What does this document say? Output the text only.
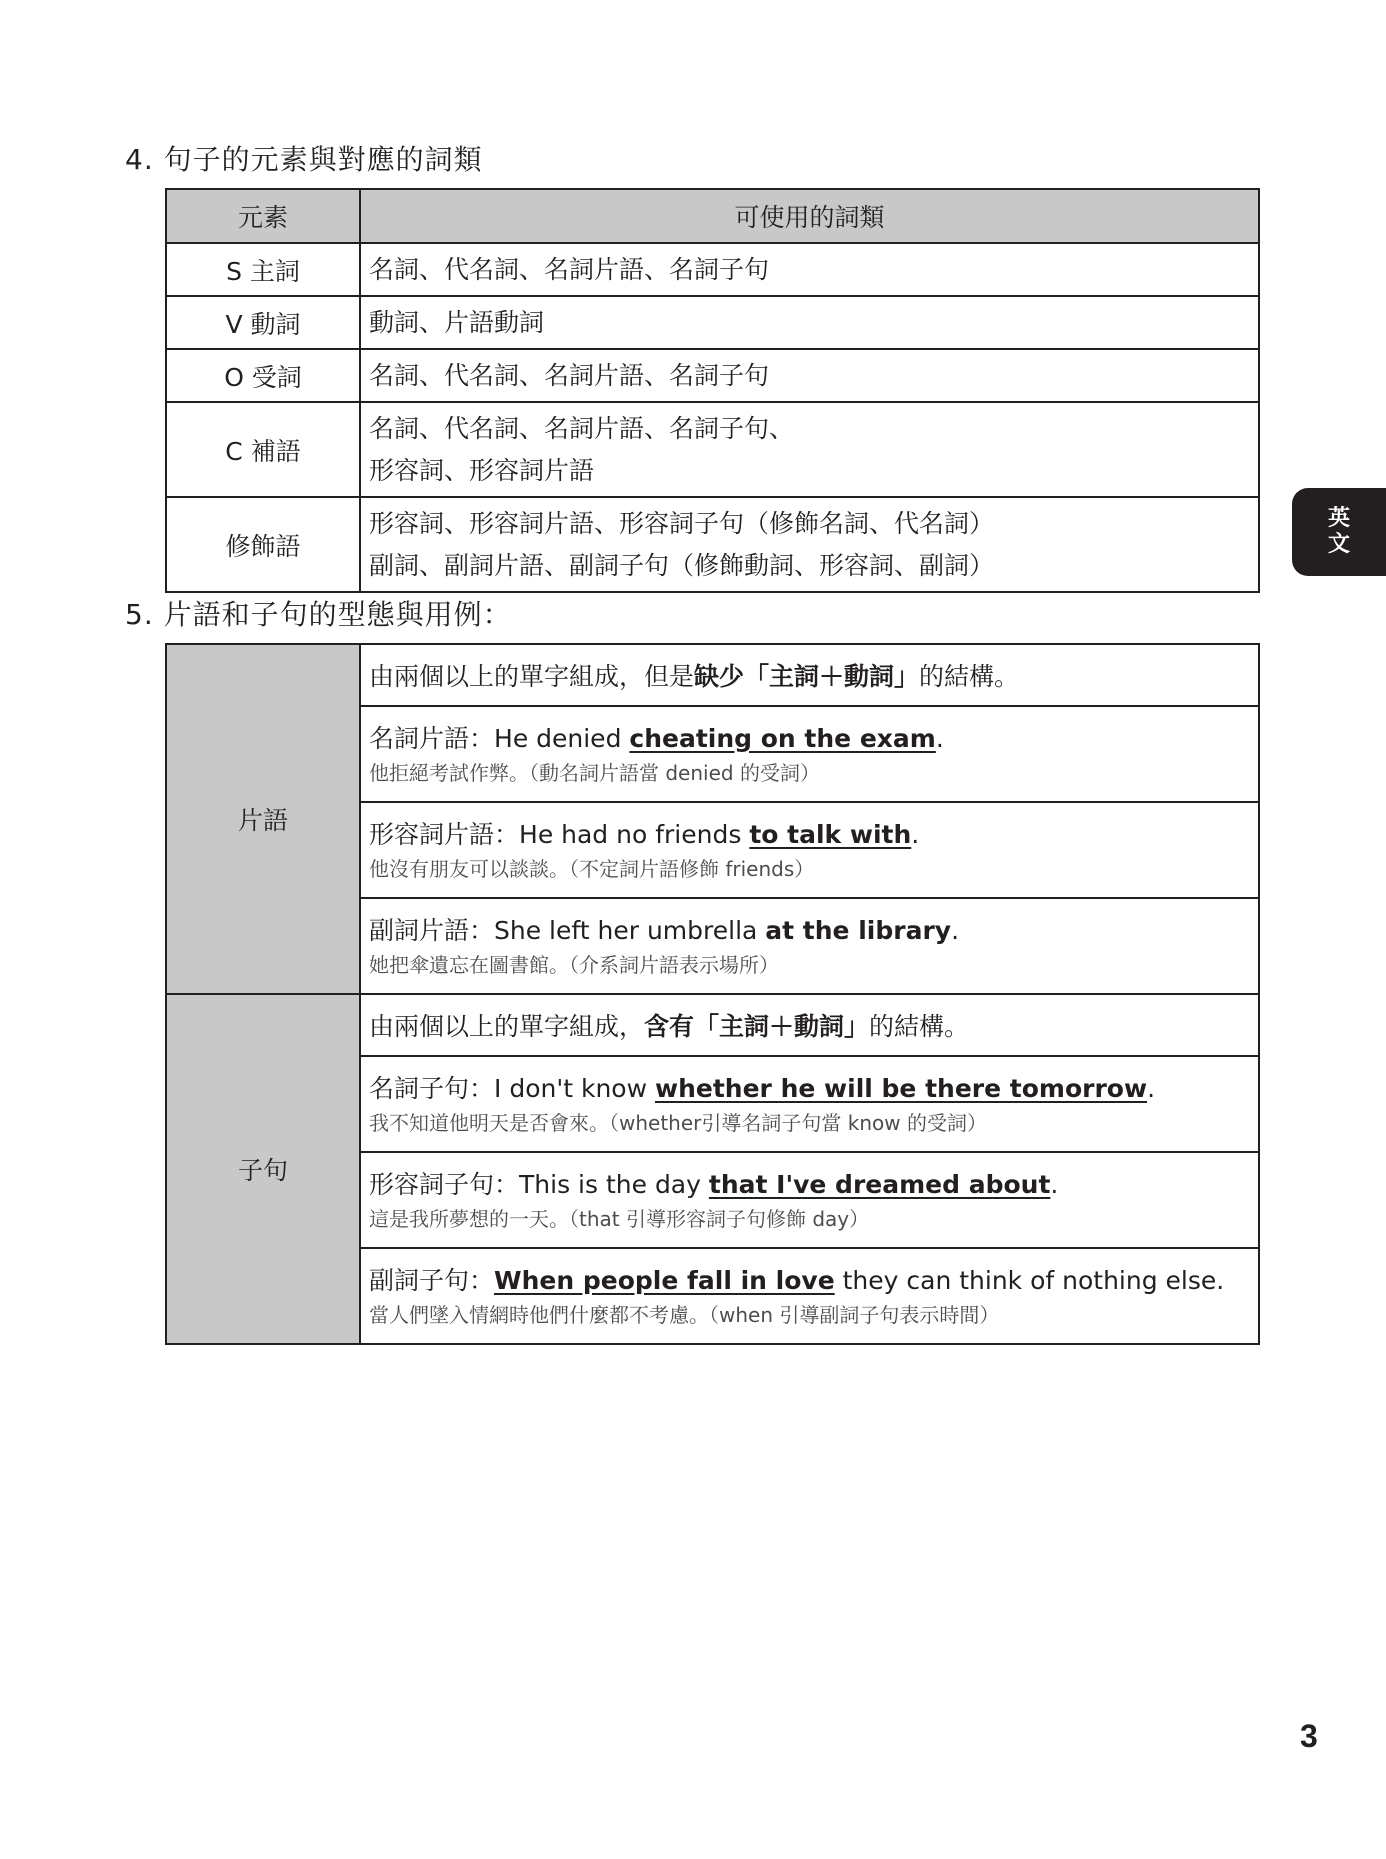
4. 句子的元素與對應的詞類
元素	可使用的詞類
S 主詞	名詞、代名詞、名詞片語、名詞子句

V 動詞	動詞、片語動詞

O 受詞	名詞、代名詞、名詞片語、名詞子句

C 補語	名詞、代名詞、名詞片語、名詞子句、
形容詞、形容詞片語

修飾語	形容詞、形容詞片語、形容詞子句（修飾名詞、代名詞）
副詞、副詞片語、副詞子句（修飾動詞、形容詞、副詞）
5. 片語和子句的型態與用例：
片語	由兩個以上的單字組成，但是缺少「主詞＋動詞」的結構。

	名詞片語：He denied cheating on the exam.
他拒絕考試作弊。（動名詞片語當 denied 的受詞）

	形容詞片語：He had no friends to talk with.
他沒有朋友可以談談。（不定詞片語修飾 friends）

	副詞片語：She left her umbrella at the library.
她把傘遺忘在圖書館。（介系詞片語表示場所）

子句	由兩個以上的單字組成，含有「主詞＋動詞」的結構。

	名詞子句：I don't know whether he will be there tomorrow.
我不知道他明天是否會來。（whether引導名詞子句當 know 的受詞）

	形容詞子句：This is the day that I've dreamed about.
這是我所夢想的一天。（that 引導形容詞子句修飾 day）

	副詞子句：When people fall in love they can think of nothing else.
當人們墜入情網時他們什麼都不考慮。（when 引導副詞子句表示時間）
英
文
3
